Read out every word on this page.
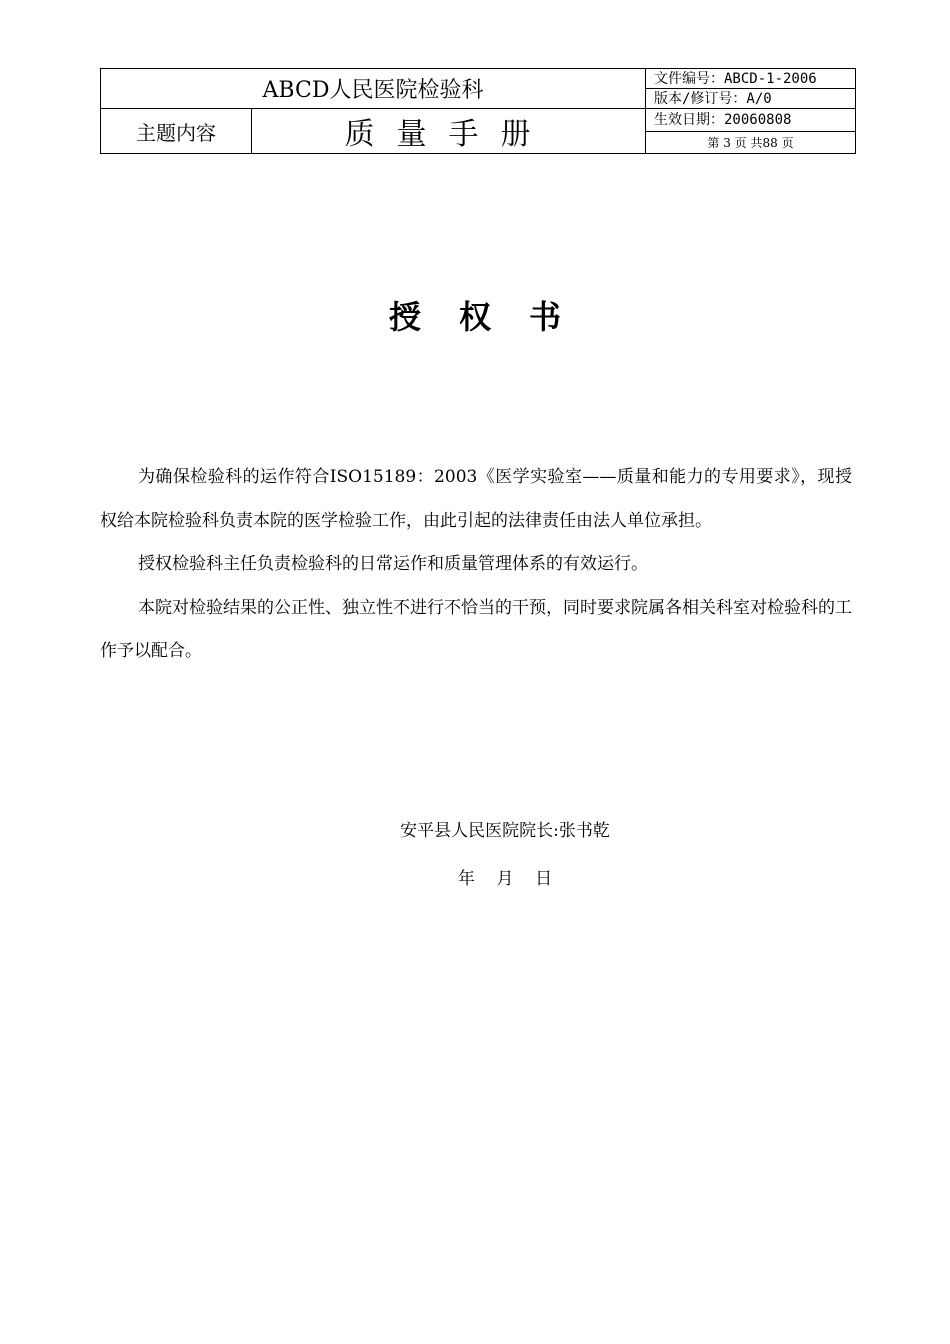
ABCD人民医院检验科		文件编号：ABCD-1-2006
		版本/修订号：A/0
主题内容	质量手册	生效日期：20060808
		第 3 页 共88 页
授权书

为确保检验科的运作符合ISO15189：2003《医学实验室——质量和能力的专用要求》，现授权给本院检验科负责本院的医学检验工作，由此引起的法律责任由法人单位承担。

授权检验科主任负责检验科的日常运作和质量管理体系的有效运行。

本院对检验结果的公正性、独立性不进行不恰当的干预，同时要求院属各相关科室对检验科的工作予以配合。

安平县人民医院院长:张书乾
年    月    日
